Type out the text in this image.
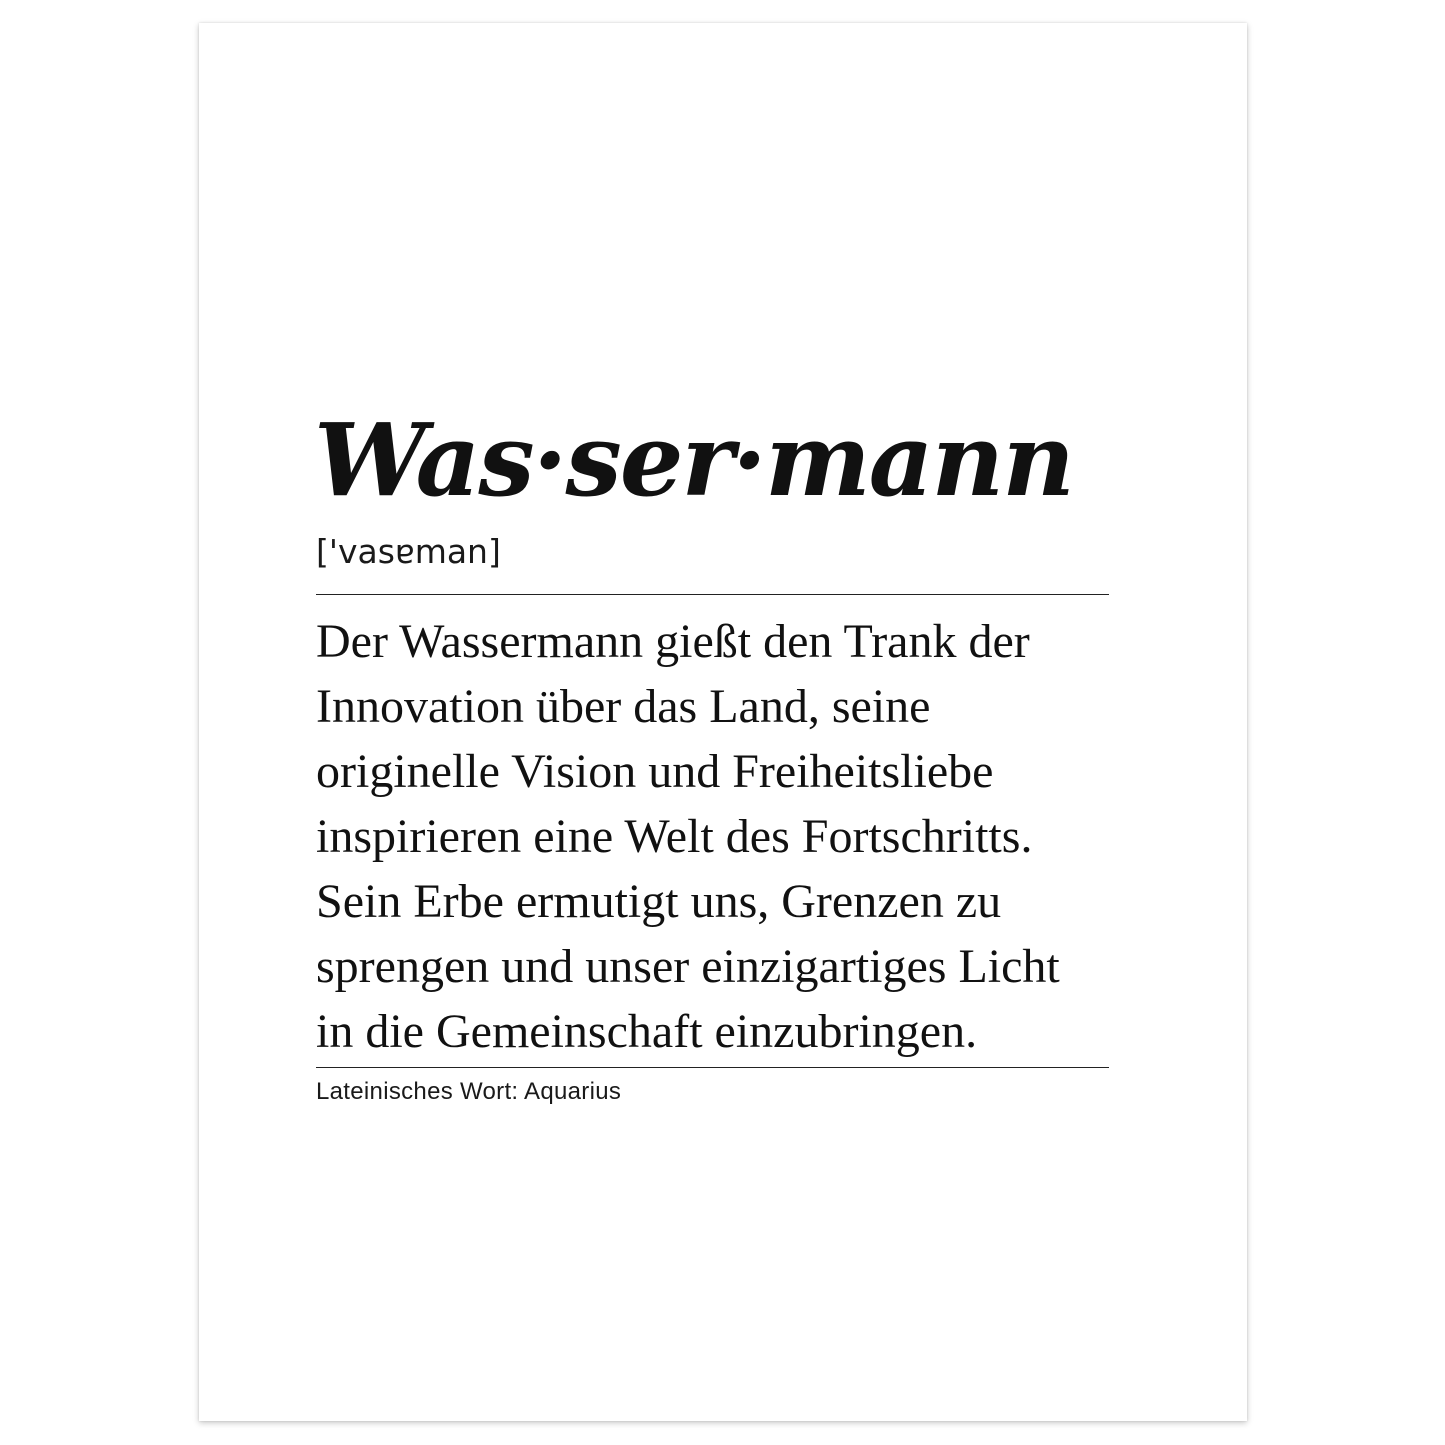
Was·ser·mann
['vasɐman]

Der Wassermann gießt den Trank der
Innovation über das Land, seine
originelle Vision und Freiheitsliebe
inspirieren eine Welt des Fortschritts.
Sein Erbe ermutigt uns, Grenzen zu
sprengen und unser einzigartiges Licht
in die Gemeinschaft einzubringen.

Lateinisches Wort: Aquarius
